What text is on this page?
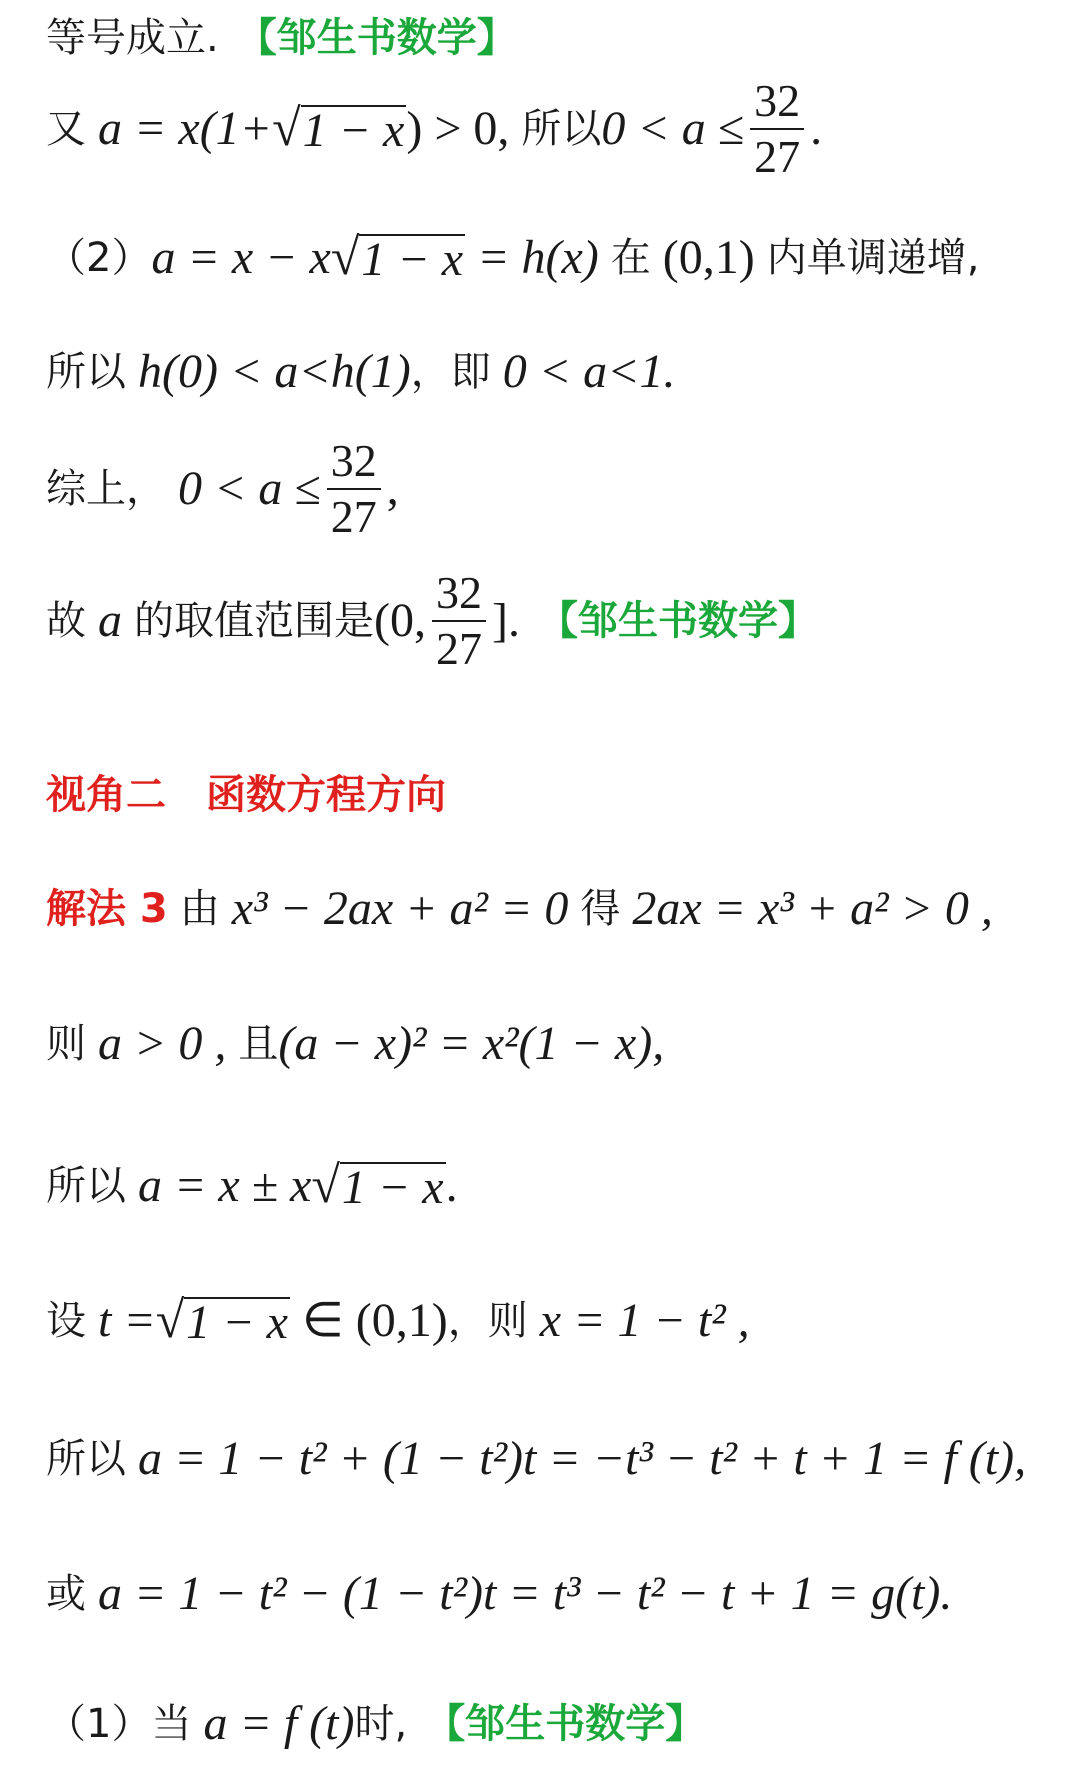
等号成立. 【邹生书数学】
又 a = x(1+ √ 1 − x ) > 0, 所以 $0 < a \le \frac{32}{27}$ .
（2） a = x − x √ 1 − x = h(x) 在 (0,1) 内单调递增,
所以 h(0) < a<h(1) ，即 0 < a<1.
综上， $0 < a \le \frac{32}{27}$ ,
故 a 的取值范围是 (0, $\frac{32}{27}$ ]. 【邹生书数学】
视角二　函数方程方向
解法 3 由 x³ − 2ax + a² = 0 得 2ax = x³ + a² > 0 ,
则 a > 0 , 且 (a − x)² = x²(1 − x),
所以 a = x ± x √ 1 − x .
设 t = √ 1 − x ∈ (0,1) ，则 x = 1 − t² ,
所以 a = 1 − t² + (1 − t²)t = −t³ − t² + t + 1 = f (t),
或 a = 1 − t² − (1 − t²)t = t³ − t² − t + 1 = g(t).
（1）当 a = f (t) 时, 【邹生书数学】
